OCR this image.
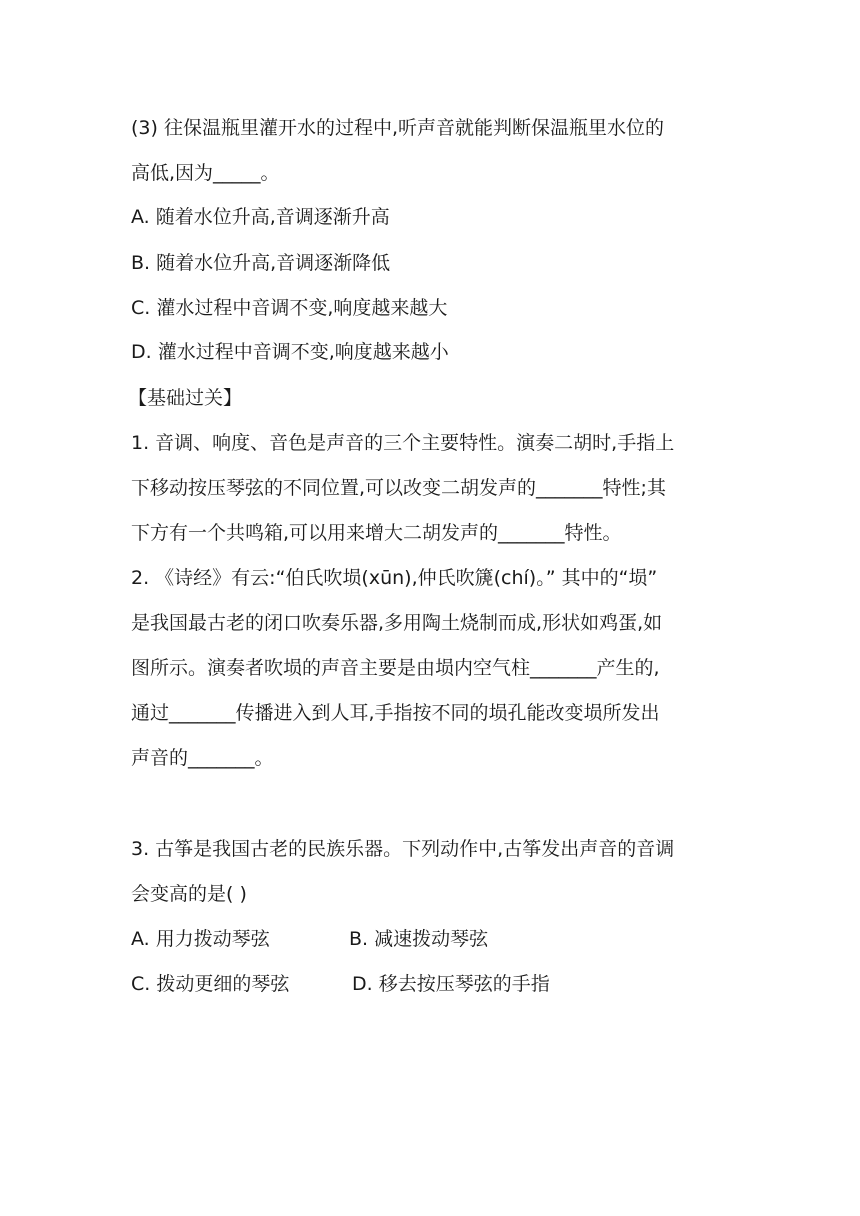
(3) 往保温瓶里灌开水的过程中,听声音就能判断保温瓶里水位的
高低,因为_____。
A. 随着水位升高,音调逐渐升高
B. 随着水位升高,音调逐渐降低
C. 灌水过程中音调不变,响度越来越大
D. 灌水过程中音调不变,响度越来越小
【基础过关】
1. 音调、响度、音色是声音的三个主要特性。演奏二胡时,手指上
下移动按压琴弦的不同位置,可以改变二胡发声的_______特性;其
下方有一个共鸣箱,可以用来增大二胡发声的_______特性。
2. 《诗经》有云:“伯氏吹埙(xūn),仲氏吹篪(chí)。” 其中的“埙”
是我国最古老的闭口吹奏乐器,多用陶土烧制而成,形状如鸡蛋,如
图所示。演奏者吹埙的声音主要是由埙内空气柱_______产生的,
通过_______传播进入到人耳,手指按不同的埙孔能改变埙所发出
声音的_______。
3. 古筝是我国古老的民族乐器。下列动作中,古筝发出声音的音调
会变高的是( )
A. 用力拨动琴弦	B. 减速拨动琴弦
C. 拨动更细的琴弦	D. 移去按压琴弦的手指
